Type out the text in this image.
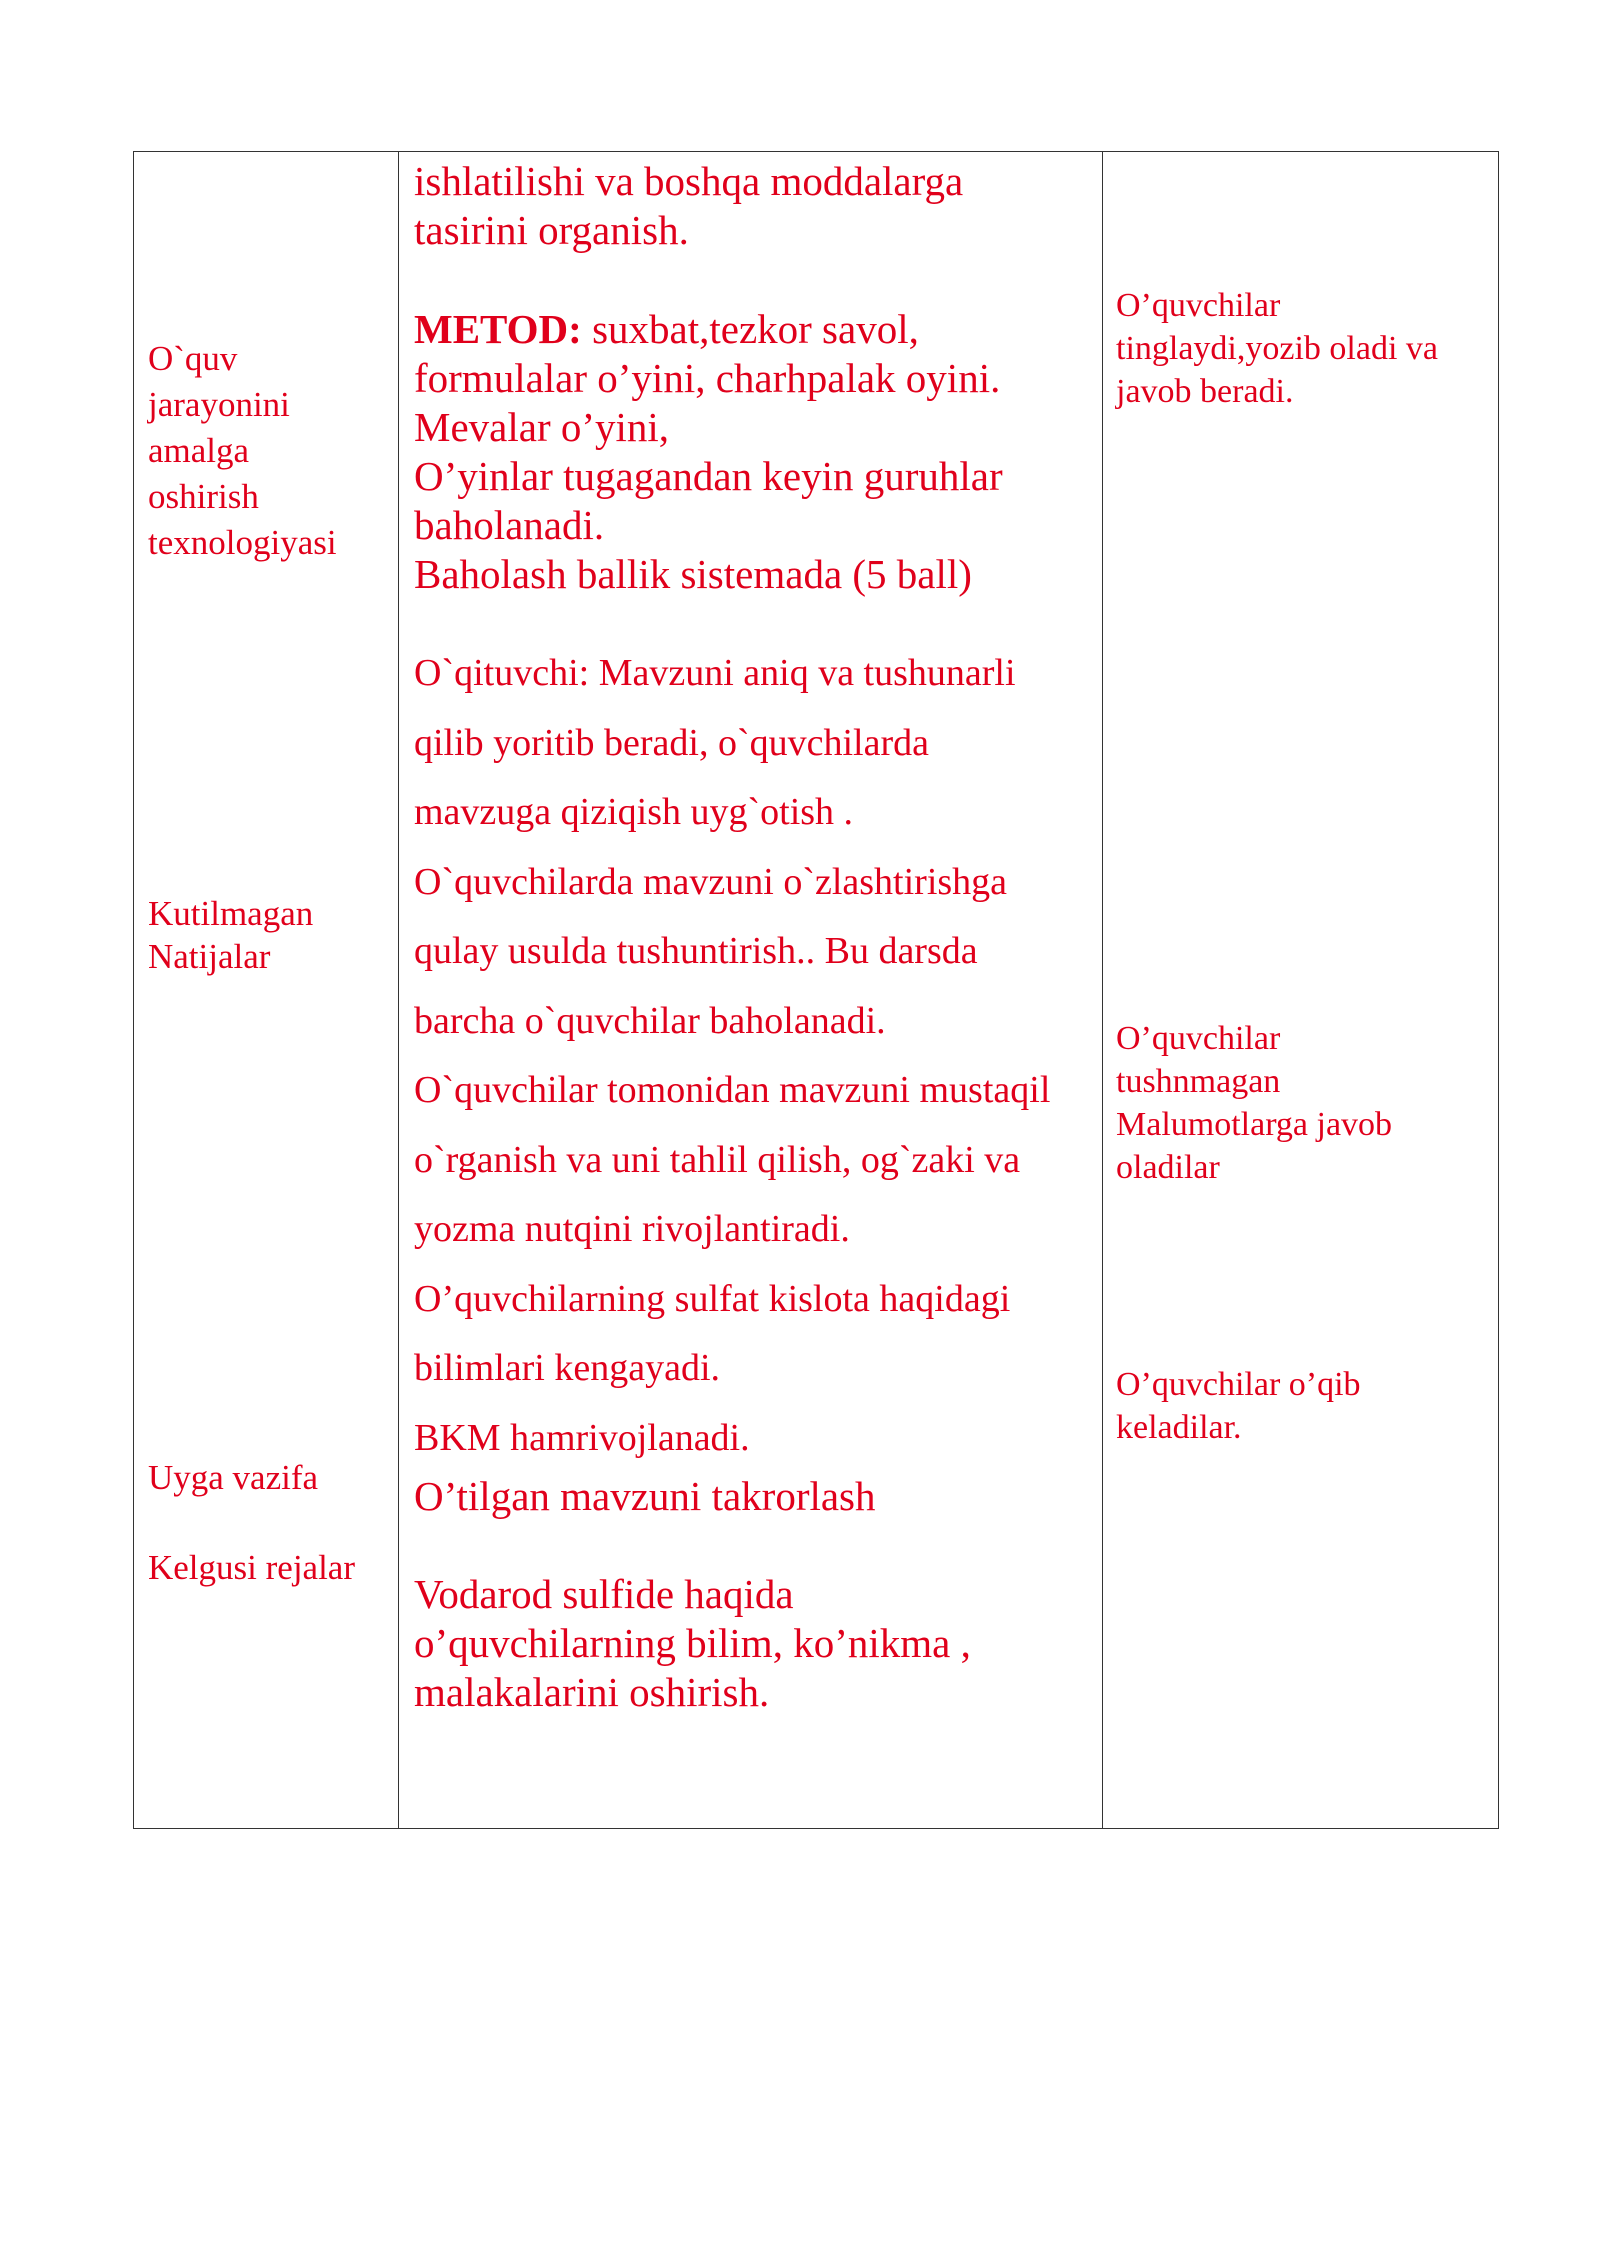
O`quv
jarayonini
amalga
oshirish
texnologiyasi
Kutilmagan
Natijalar
Uyga vazifa
Kelgusi rejalar
ishlatilishi va boshqa moddalarga
tasirini organish.
METOD: suxbat,tezkor savol,
formulalar o’yini, charhpalak oyini.
Mevalar o’yini,
O’yinlar tugagandan keyin guruhlar
baholanadi.
Baholash ballik sistemada (5 ball)
O`qituvchi: Mavzuni aniq va tushunarli
qilib yoritib beradi, o`quvchilarda
mavzuga qiziqish uyg`otish .
O`quvchilarda mavzuni o`zlashtirishga
qulay usulda tushuntirish.. Bu darsda
barcha o`quvchilar baholanadi.
O`quvchilar tomonidan mavzuni mustaqil
o`rganish va uni tahlil qilish, og`zaki va
yozma nutqini rivojlantiradi.
O’quvchilarning sulfat kislota haqidagi
bilimlari kengayadi.
BKM hamrivojlanadi.
O’tilgan mavzuni takrorlash
Vodarod sulfide haqida
o’quvchilarning bilim, ko’nikma ,
malakalarini oshirish.
O’quvchilar
tinglaydi,yozib oladi va
javob beradi.
O’quvchilar
tushnmagan
Malumotlarga javob
oladilar
O’quvchilar o’qib
keladilar.
